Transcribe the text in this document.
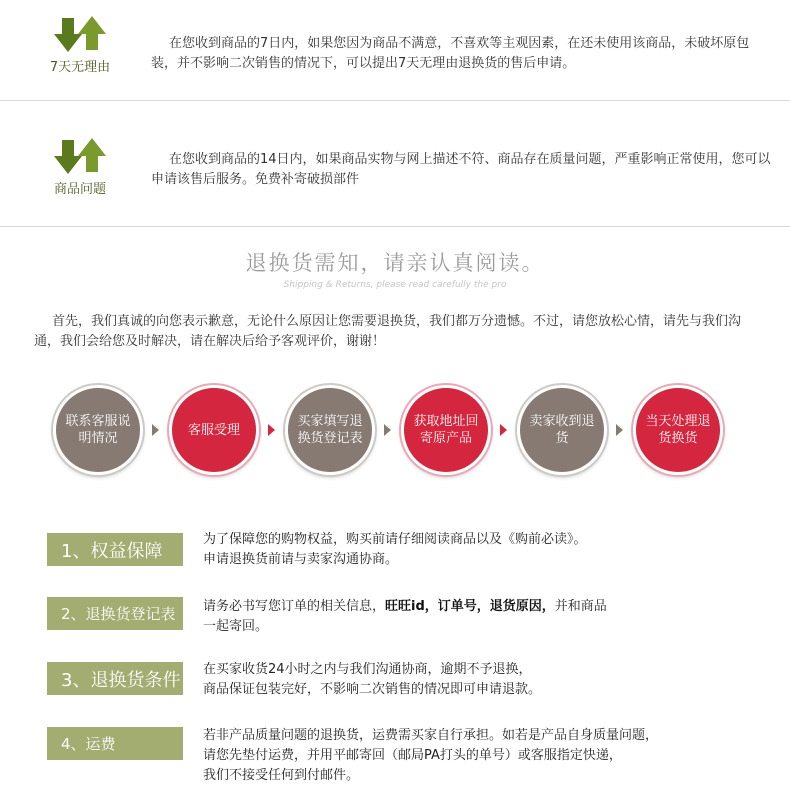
7天无理由
在您收到商品的7日内，如果您因为商品不满意，不喜欢等主观因素，在还未使用该商品，未破坏原包装，并不影响二次销售的情况下，可以提出7天无理由退换货的售后申请。
商品问题
在您收到商品的14日内，如果商品实物与网上描述不符、商品存在质量问题，严重影响正常使用，您可以申请该售后服务。免费补寄破损部件
退换货需知，请亲认真阅读。
Shipping & Returns, please read carefully the pro
首先，我们真诚的向您表示歉意，无论什么原因让您需要退换货，我们都万分遗憾。不过，请您放松心情，请先与我们沟通，我们会给您及时解决，请在解决后给予客观评价，谢谢！
联系客服说明情况
客服受理
买家填写退换货登记表
获取地址回寄原产品
卖家收到退货
当天处理退货换货
1、权益保障
为了保障您的购物权益，购买前请仔细阅读商品以及《购前必读》。
申请退换货前请与卖家沟通协商。
2、退换货登记表	请务必书写您订单的相关信息，旺旺id，订单号，退货原因，并和商品
一起寄回。
3、退换货条件 在买家收货24小时之内与我们沟通协商，逾期不予退换，
商品保证包装完好，不影响二次销售的情况即可申请退款。
4、运费	若非产品质量问题的退换货，运费需买家自行承担。如若是产品自身质量问题，
请您先垫付运费，并用平邮寄回（邮局PA打头的单号）或客服指定快递，
我们不接受任何到付邮件。
